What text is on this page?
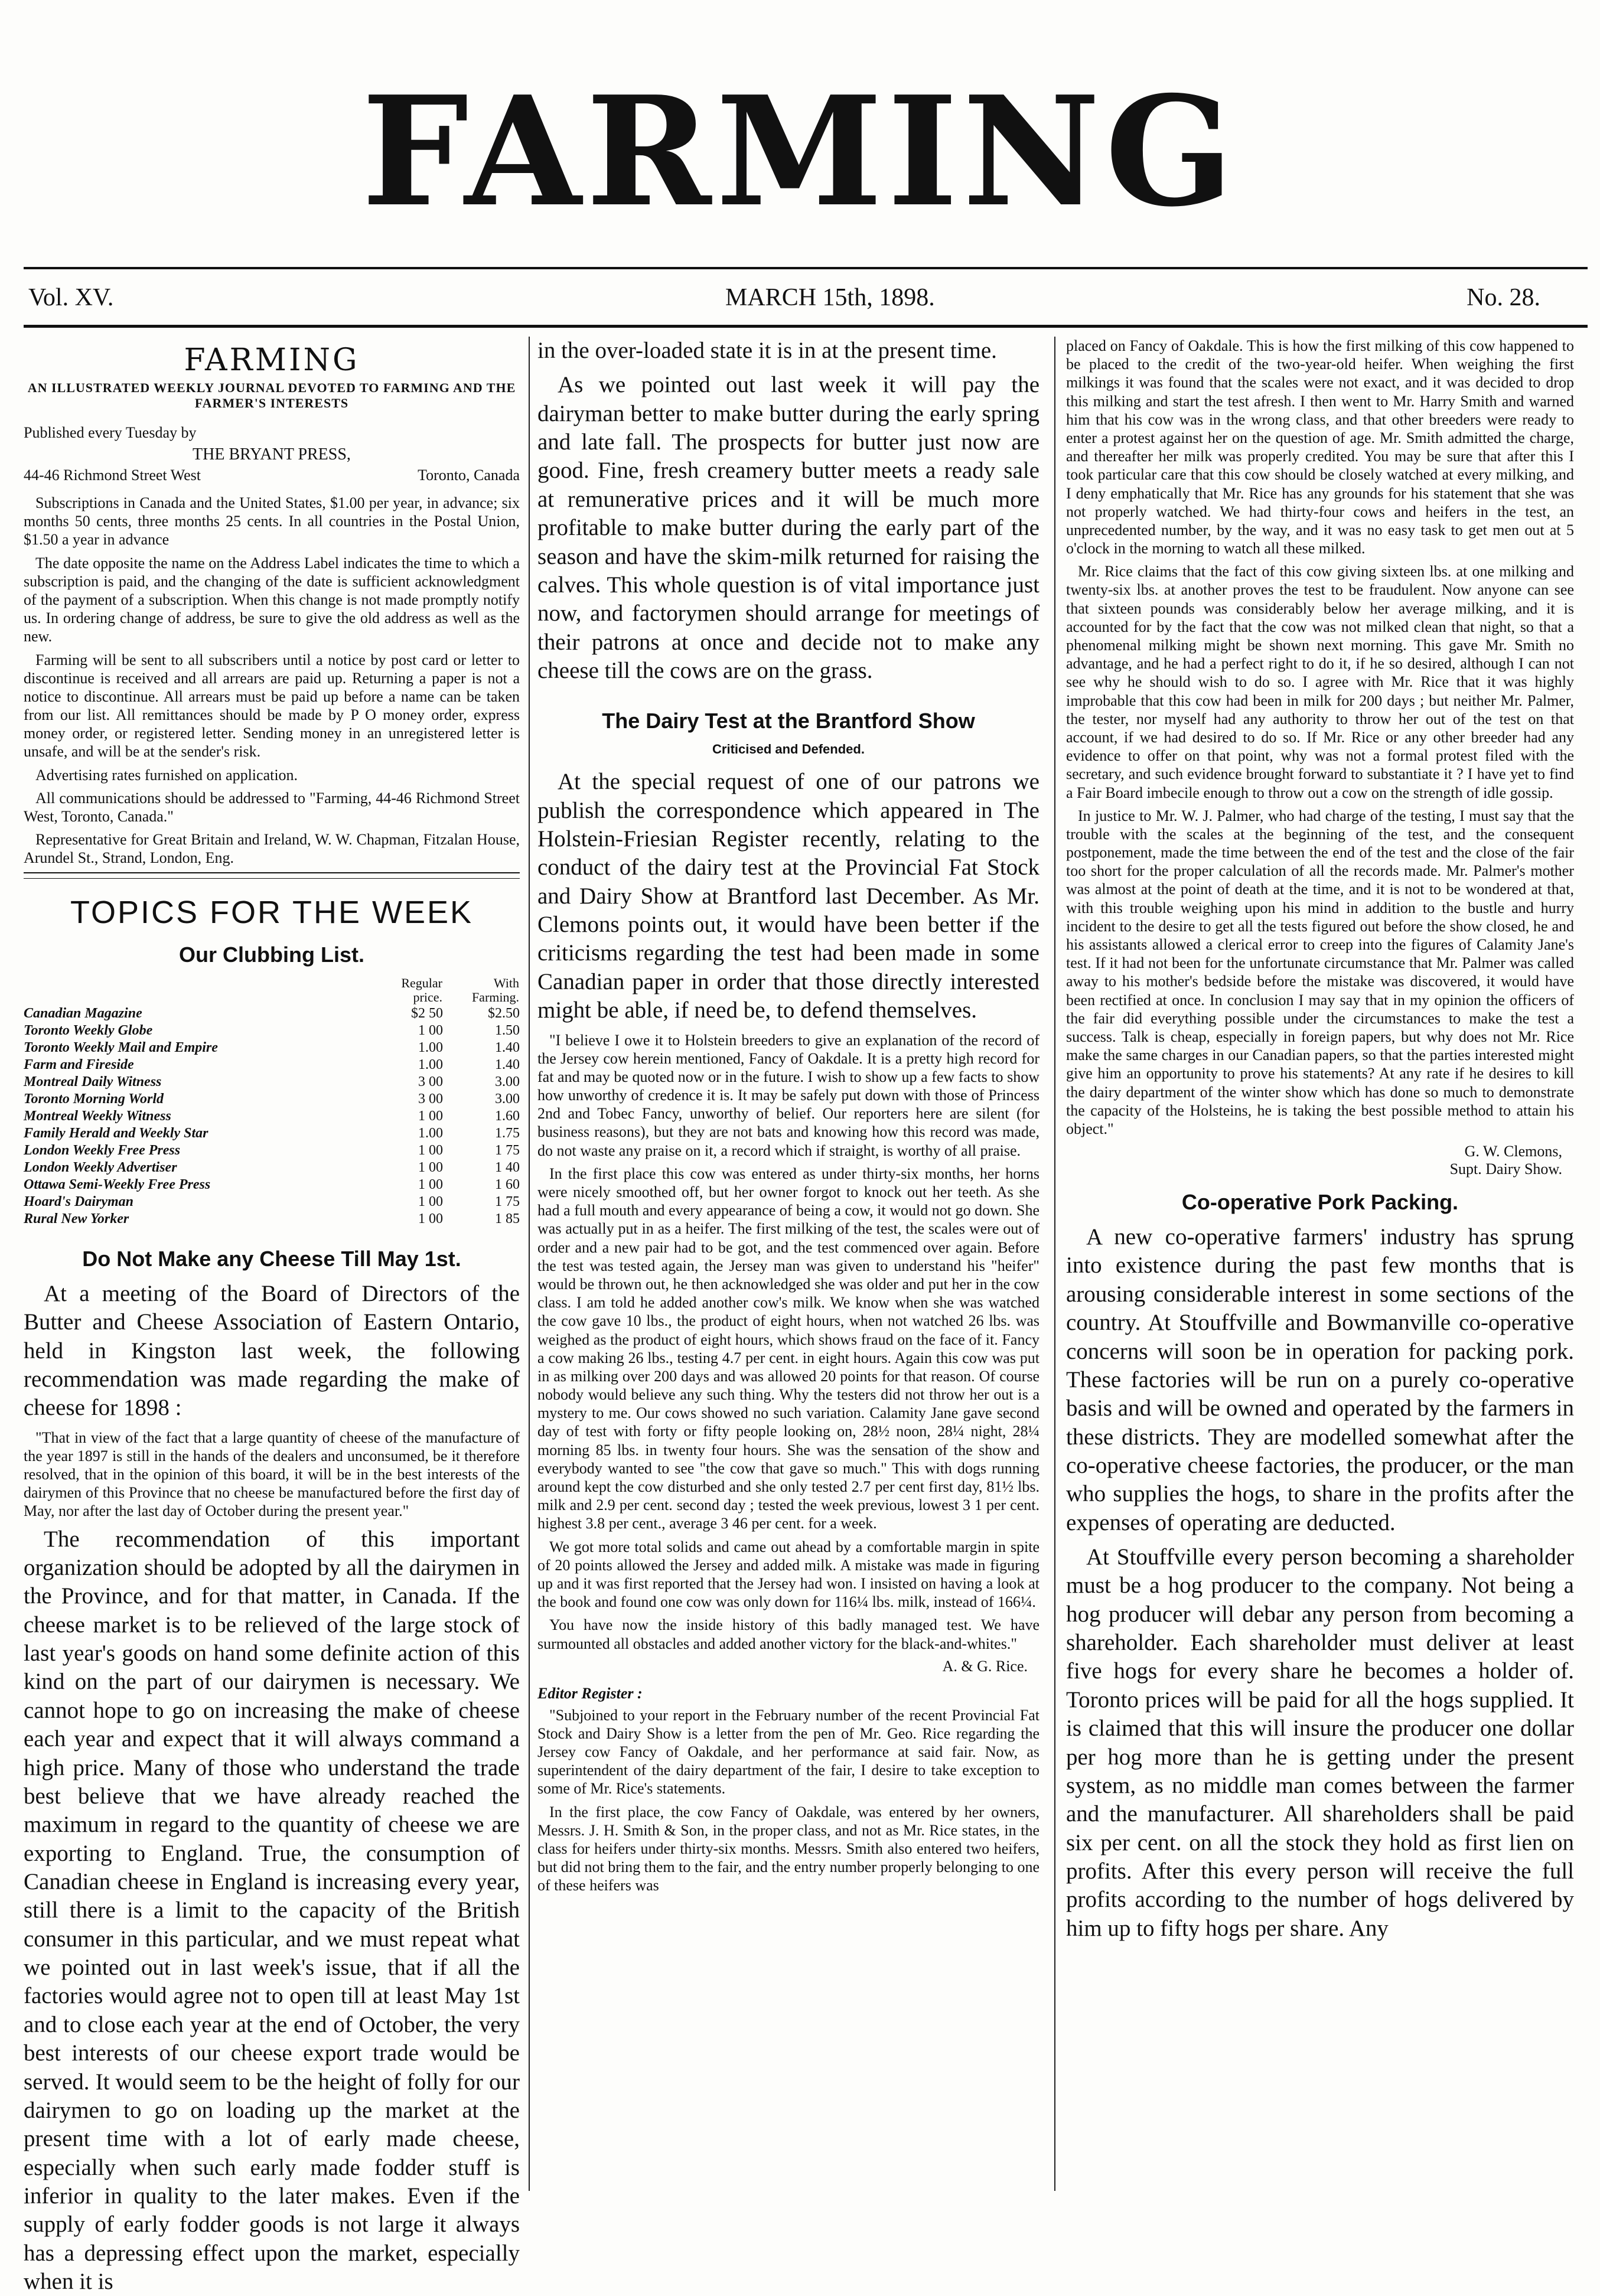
FARMING
Vol. XV.	MARCH 15th, 1898.	No. 28.
FARMING
AN ILLUSTRATED WEEKLY JOURNAL DEVOTED TO FARMING AND THE FARMER'S INTERESTS
Published every Tuesday by
THE BRYANT PRESS,
44-46 Richmond Street West	Toronto, Canada

Subscriptions in Canada and the United States, $1.00 per year, in advance; six months 50 cents, three months 25 cents. In all countries in the Postal Union, $1.50 a year in advance

The date opposite the name on the Address Label indicates the time to which a subscription is paid, and the changing of the date is sufficient acknowledgment of the payment of a subscription. When this change is not made promptly notify us. In ordering change of address, be sure to give the old address as well as the new.

Farming will be sent to all subscribers until a notice by post card or letter to discontinue is received and all arrears are paid up. Returning a paper is not a notice to discontinue. All arrears must be paid up before a name can be taken from our list. All remittances should be made by P O money order, express money order, or registered letter. Sending money in an unregistered letter is unsafe, and will be at the sender's risk.

Advertising rates furnished on application.

All communications should be addressed to "Farming, 44-46 Richmond Street West, Toronto, Canada."

Representative for Great Britain and Ireland, W. W. Chapman, Fitzalan House, Arundel St., Strand, London, Eng.

TOPICS FOR THE WEEK
Our Clubbing List.
	Regular price.	With Farming.
Canadian Magazine	$2 50	$2.50
Toronto Weekly Globe	1 00	1.50
Toronto Weekly Mail and Empire	1.00	1.40
Farm and Fireside	1.00	1.40
Montreal Daily Witness	3 00	3.00
Toronto Morning World	3 00	3.00
Montreal Weekly Witness	1 00	1.60
Family Herald and Weekly Star	1.00	1.75
London Weekly Free Press	1 00	1 75
London Weekly Advertiser	1 00	1 40
Ottawa Semi-Weekly Free Press	1 00	1 60
Hoard's Dairyman	1 00	1 75
Rural New Yorker	1 00	1 85
Do Not Make any Cheese Till May 1st.

At a meeting of the Board of Directors of the Butter and Cheese Association of Eastern Ontario, held in Kingston last week, the following recommendation was made regarding the make of cheese for 1898 :

"That in view of the fact that a large quantity of cheese of the manufacture of the year 1897 is still in the hands of the dealers and unconsumed, be it therefore resolved, that in the opinion of this board, it will be in the best interests of the dairymen of this Province that no cheese be manufactured before the first day of May, nor after the last day of October during the present year."

The recommendation of this important organization should be adopted by all the dairymen in the Province, and for that matter, in Canada. If the cheese market is to be relieved of the large stock of last year's goods on hand some definite action of this kind on the part of our dairymen is necessary. We cannot hope to go on increasing the make of cheese each year and expect that it will always command a high price. Many of those who understand the trade best believe that we have already reached the maximum in regard to the quantity of cheese we are exporting to England. True, the consumption of Canadian cheese in England is increasing every year, still there is a limit to the capacity of the British consumer in this particular, and we must repeat what we pointed out in last week's issue, that if all the factories would agree not to open till at least May 1st and to close each year at the end of October, the very best interests of our cheese export trade would be served. It would seem to be the height of folly for our dairymen to go on loading up the market at the present time with a lot of early made cheese, especially when such early made fodder stuff is inferior in quality to the later makes. Even if the supply of early fodder goods is not large it always has a depressing effect upon the market, especially when it is

in the over-loaded state it is in at the present time.

As we pointed out last week it will pay the dairyman better to make butter during the early spring and late fall. The prospects for butter just now are good. Fine, fresh creamery butter meets a ready sale at remunerative prices and it will be much more profitable to make butter during the early part of the season and have the skim-milk returned for raising the calves. This whole question is of vital importance just now, and factorymen should arrange for meetings of their patrons at once and decide not to make any cheese till the cows are on the grass.

The Dairy Test at the Brantford Show
Criticised and Defended.

At the special request of one of our patrons we publish the correspondence which appeared in The Holstein-Friesian Register recently, relating to the conduct of the dairy test at the Provincial Fat Stock and Dairy Show at Brantford last December. As Mr. Clemons points out, it would have been better if the criticisms regarding the test had been made in some Canadian paper in order that those directly interested might be able, if need be, to defend themselves.

"I believe I owe it to Holstein breeders to give an explanation of the record of the Jersey cow herein mentioned, Fancy of Oakdale. It is a pretty high record for fat and may be quoted now or in the future. I wish to show up a few facts to show how unworthy of credence it is. It may be safely put down with those of Princess 2nd and Tobec Fancy, unworthy of belief. Our reporters here are silent (for business reasons), but they are not bats and knowing how this record was made, do not waste any praise on it, a record which if straight, is worthy of all praise.

In the first place this cow was entered as under thirty-six months, her horns were nicely smoothed off, but her owner forgot to knock out her teeth. As she had a full mouth and every appearance of being a cow, it would not go down. She was actually put in as a heifer. The first milking of the test, the scales were out of order and a new pair had to be got, and the test commenced over again. Before the test was tested again, the Jersey man was given to understand his "heifer" would be thrown out, he then acknowledged she was older and put her in the cow class. I am told he added another cow's milk. We know when she was watched the cow gave 10 lbs., the product of eight hours, when not watched 26 lbs. was weighed as the product of eight hours, which shows fraud on the face of it. Fancy a cow making 26 lbs., testing 4.7 per cent. in eight hours. Again this cow was put in as milking over 200 days and was allowed 20 points for that reason. Of course nobody would believe any such thing. Why the testers did not throw her out is a mystery to me. Our cows showed no such variation. Calamity Jane gave second day of test with forty or fifty people looking on, 28½ noon, 28¼ night, 28¼ morning 85 lbs. in twenty four hours. She was the sensation of the show and everybody wanted to see "the cow that gave so much." This with dogs running around kept the cow disturbed and she only tested 2.7 per cent first day, 81½ lbs. milk and 2.9 per cent. second day ; tested the week previous, lowest 3 1 per cent. highest 3.8 per cent., average 3 46 per cent. for a week.

We got more total solids and came out ahead by a comfortable margin in spite of 20 points allowed the Jersey and added milk. A mistake was made in figuring up and it was first reported that the Jersey had won. I insisted on having a look at the book and found one cow was only down for 116¼ lbs. milk, instead of 166¼.

You have now the inside history of this badly managed test. We have surmounted all obstacles and added another victory for the black-and-whites."

A. & G. Rice.
Editor Register :

"Subjoined to your report in the February number of the recent Provincial Fat Stock and Dairy Show is a letter from the pen of Mr. Geo. Rice regarding the Jersey cow Fancy of Oakdale, and her performance at said fair. Now, as superintendent of the dairy department of the fair, I desire to take exception to some of Mr. Rice's statements.

In the first place, the cow Fancy of Oakdale, was entered by her owners, Messrs. J. H. Smith & Son, in the proper class, and not as Mr. Rice states, in the class for heifers under thirty-six months. Messrs. Smith also entered two heifers, but did not bring them to the fair, and the entry number properly belonging to one of these heifers was

placed on Fancy of Oakdale. This is how the first milking of this cow happened to be placed to the credit of the two-year-old heifer. When weighing the first milkings it was found that the scales were not exact, and it was decided to drop this milking and start the test afresh. I then went to Mr. Harry Smith and warned him that his cow was in the wrong class, and that other breeders were ready to enter a protest against her on the question of age. Mr. Smith admitted the charge, and thereafter her milk was properly credited. You may be sure that after this I took particular care that this cow should be closely watched at every milking, and I deny emphatically that Mr. Rice has any grounds for his statement that she was not properly watched. We had thirty-four cows and heifers in the test, an unprecedented number, by the way, and it was no easy task to get men out at 5 o'clock in the morning to watch all these milked.

Mr. Rice claims that the fact of this cow giving sixteen lbs. at one milking and twenty-six lbs. at another proves the test to be fraudulent. Now anyone can see that sixteen pounds was considerably below her average milking, and it is accounted for by the fact that the cow was not milked clean that night, so that a phenomenal milking might be shown next morning. This gave Mr. Smith no advantage, and he had a perfect right to do it, if he so desired, although I can not see why he should wish to do so. I agree with Mr. Rice that it was highly improbable that this cow had been in milk for 200 days ; but neither Mr. Palmer, the tester, nor myself had any authority to throw her out of the test on that account, if we had desired to do so. If Mr. Rice or any other breeder had any evidence to offer on that point, why was not a formal protest filed with the secretary, and such evidence brought forward to substantiate it ? I have yet to find a Fair Board imbecile enough to throw out a cow on the strength of idle gossip.

In justice to Mr. W. J. Palmer, who had charge of the testing, I must say that the trouble with the scales at the beginning of the test, and the consequent postponement, made the time between the end of the test and the close of the fair too short for the proper calculation of all the records made. Mr. Palmer's mother was almost at the point of death at the time, and it is not to be wondered at that, with this trouble weighing upon his mind in addition to the bustle and hurry incident to the desire to get all the tests figured out before the show closed, he and his assistants allowed a clerical error to creep into the figures of Calamity Jane's test. If it had not been for the unfortunate circumstance that Mr. Palmer was called away to his mother's bedside before the mistake was discovered, it would have been rectified at once. In conclusion I may say that in my opinion the officers of the fair did everything possible under the circumstances to make the test a success. Talk is cheap, especially in foreign papers, but why does not Mr. Rice make the same charges in our Canadian papers, so that the parties interested might give him an opportunity to prove his statements? At any rate if he desires to kill the dairy department of the winter show which has done so much to demonstrate the capacity of the Holsteins, he is taking the best possible method to attain his object."

G. W. Clemons,
Supt. Dairy Show.
Co-operative Pork Packing.

A new co-operative farmers' industry has sprung into existence during the past few months that is arousing considerable interest in some sections of the country. At Stouffville and Bowmanville co-operative concerns will soon be in operation for packing pork. These factories will be run on a purely co-operative basis and will be owned and operated by the farmers in these districts. They are modelled somewhat after the co-operative cheese factories, the producer, or the man who supplies the hogs, to share in the profits after the expenses of operating are deducted.

At Stouffville every person becoming a shareholder must be a hog producer to the company. Not being a hog producer will debar any person from becoming a shareholder. Each shareholder must deliver at least five hogs for every share he becomes a holder of. Toronto prices will be paid for all the hogs supplied. It is claimed that this will insure the producer one dollar per hog more than he is getting under the present system, as no middle man comes between the farmer and the manufacturer. All shareholders shall be paid six per cent. on all the stock they hold as first lien on profits. After this every person will receive the full profits according to the number of hogs delivered by him up to fifty hogs per share. Any
